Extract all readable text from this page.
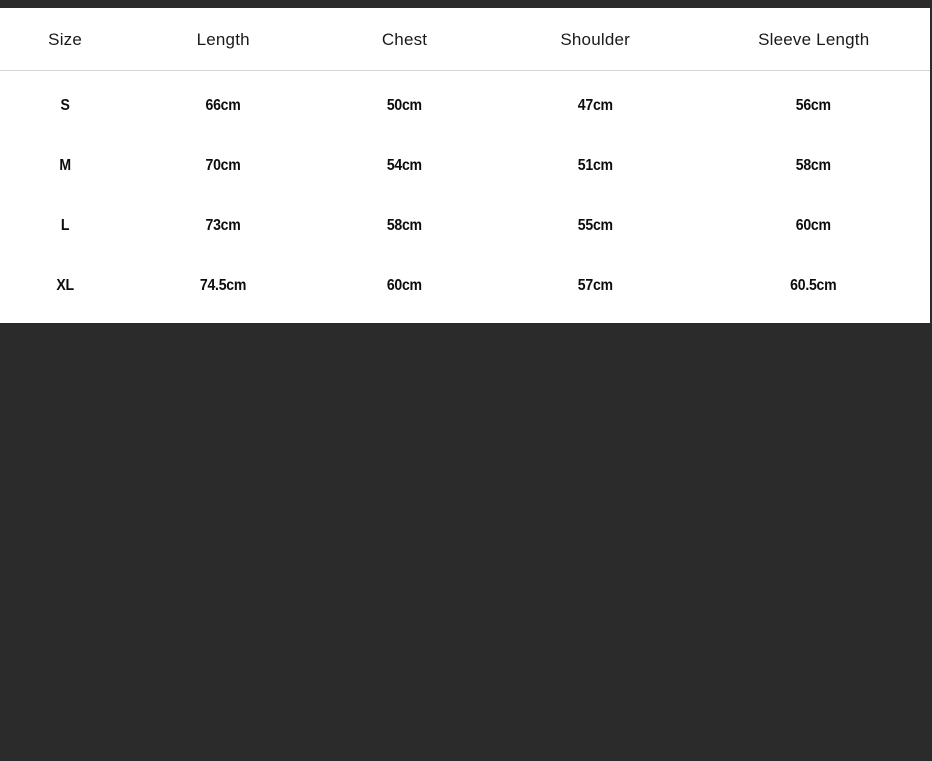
Size	Length	Chest	Shoulder	Sleeve Length
S	66cm	50cm	47cm	56cm
M	70cm	54cm	51cm	58cm
L	73cm	58cm	55cm	60cm
XL	74.5cm	60cm	57cm	60.5cm
